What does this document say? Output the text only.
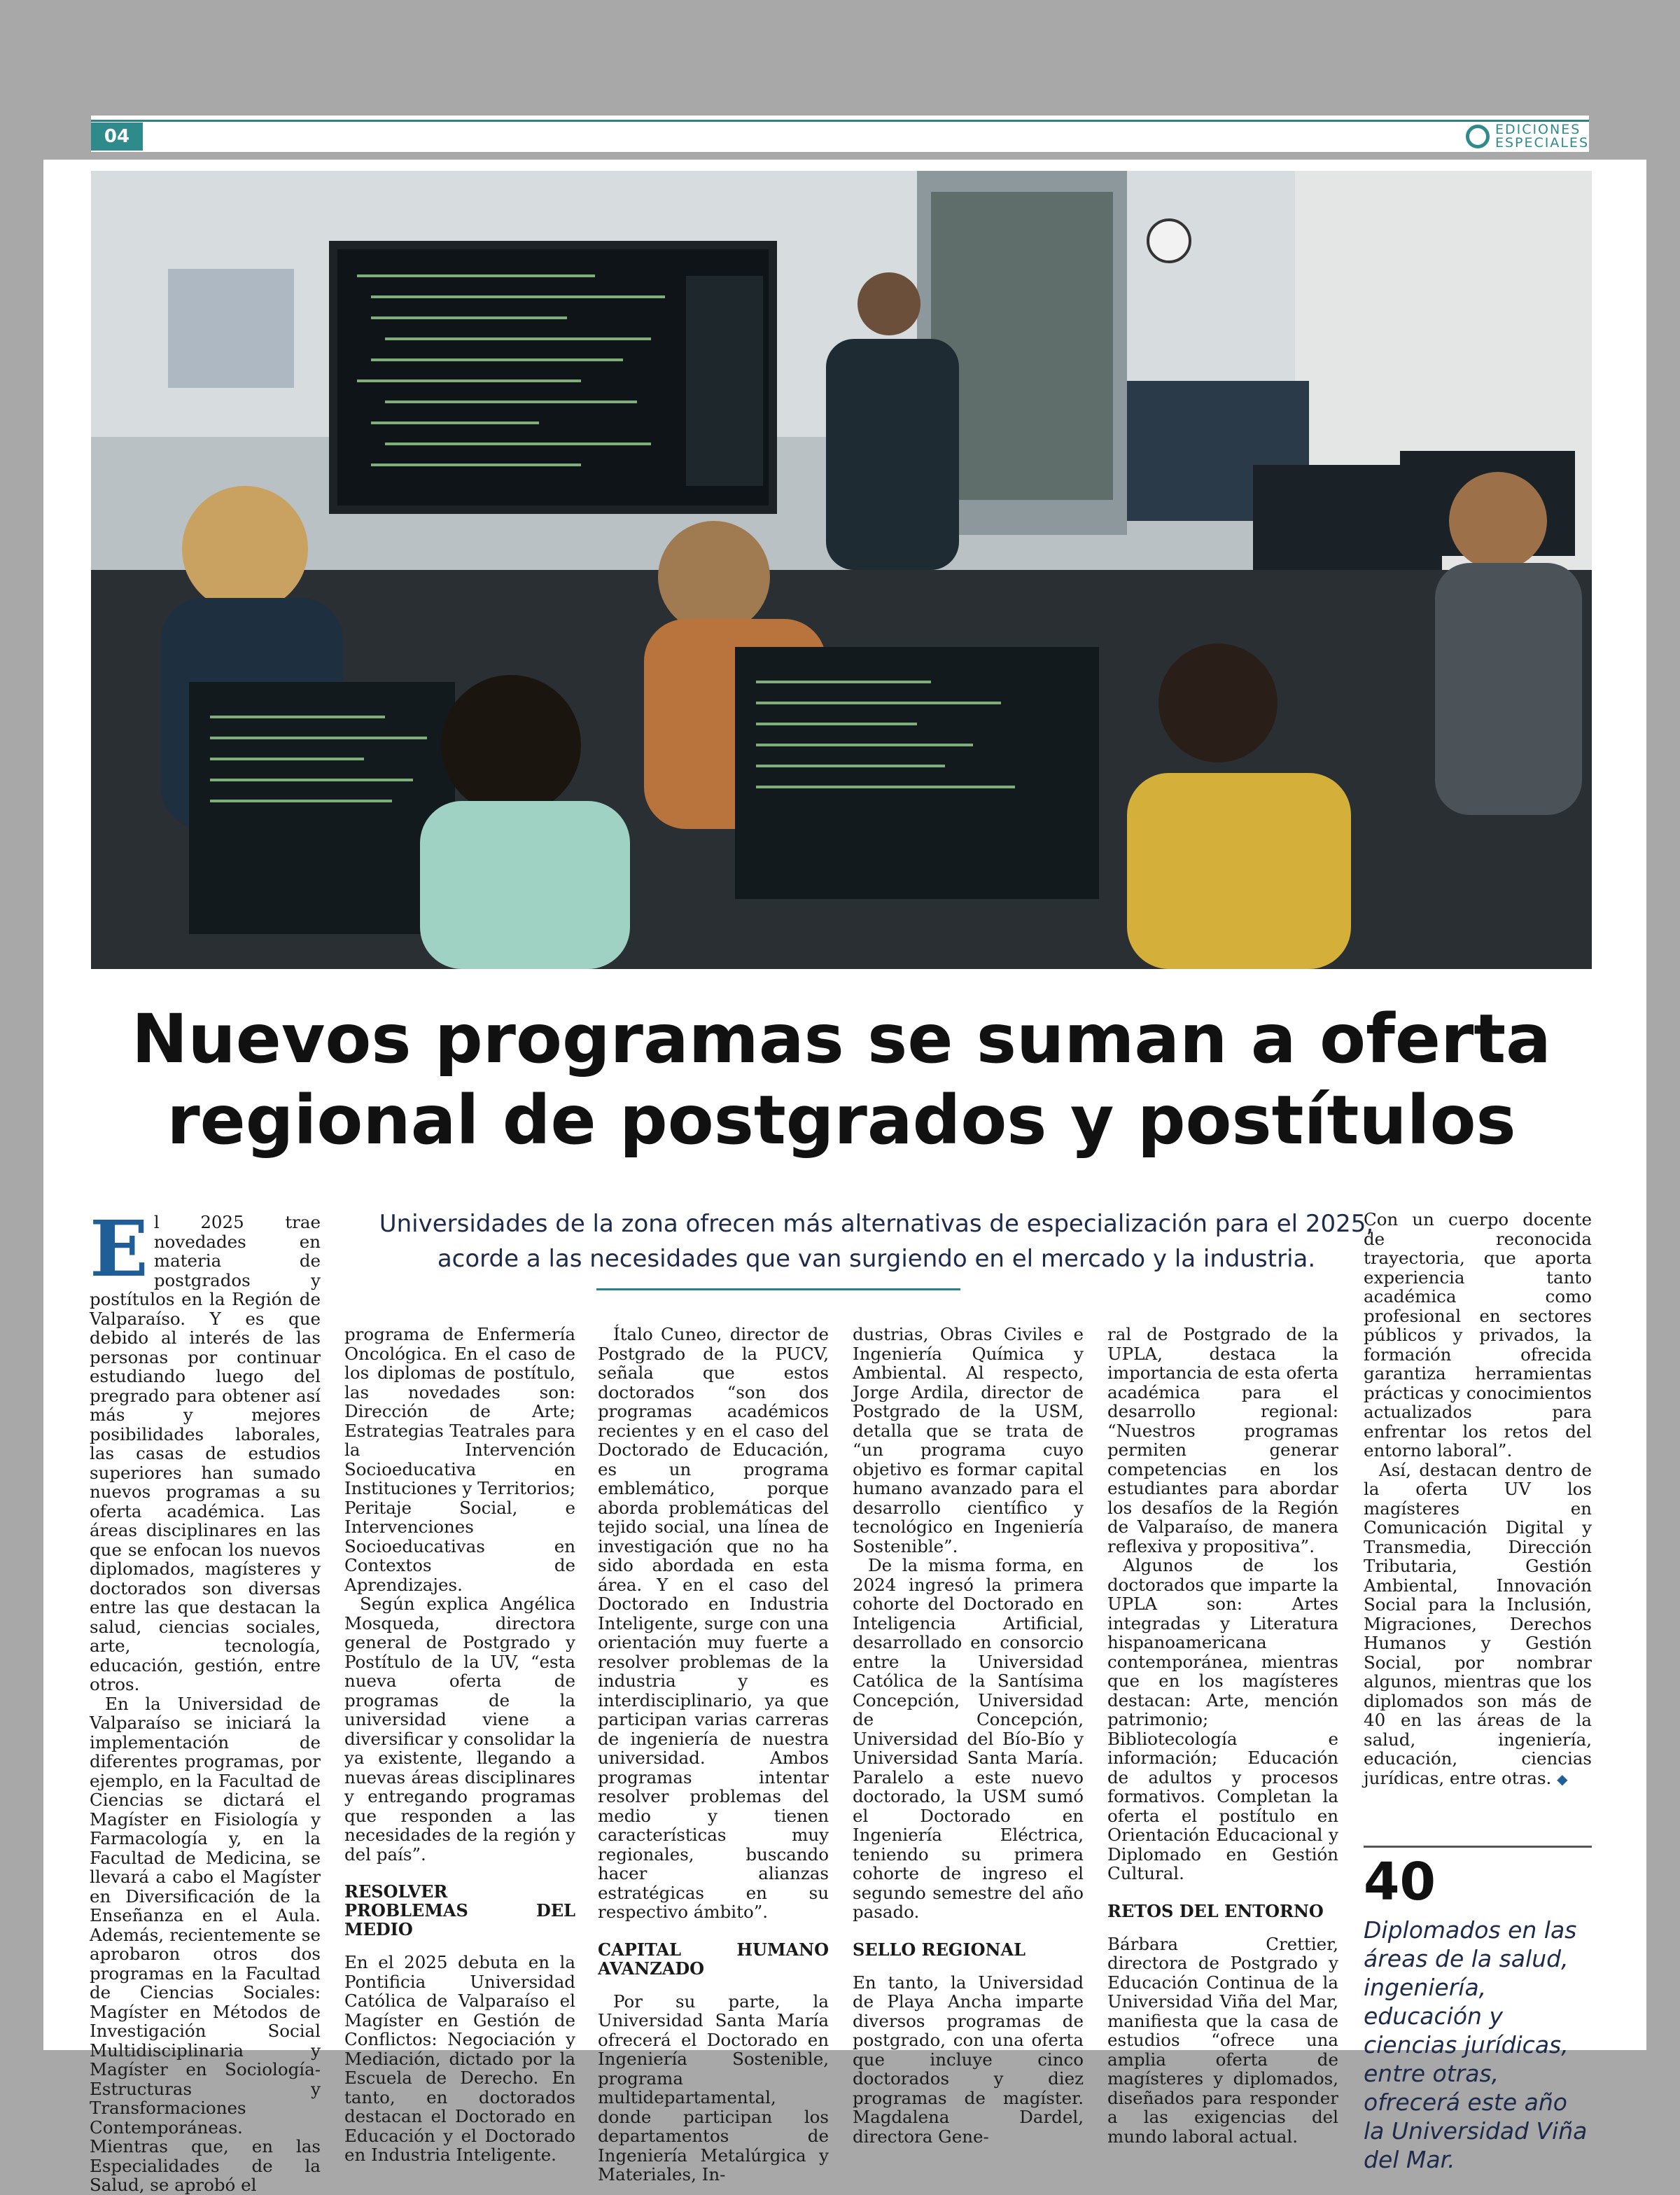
04	EDICIONES
ESPECIALES
Nuevos programas se suman a oferta
regional de postgrados y postítulos
Universidades de la zona ofrecen más alternativas de especialización para el 2025,
acorde a las necesidades que van surgiendo en el mercado y la industria.
E l 2025 trae novedades en materia de postgrados y postítulos en la Región de Valparaíso. Y es que debido al interés de las personas por continuar estudiando luego del pregrado para obtener así más y mejores posibilidades laborales, las casas de estudios superiores han sumado nuevos programas a su oferta académica. Las áreas disciplinares en las que se enfocan los nuevos diplomados, magísteres y doctorados son diversas entre las que destacan la salud, ciencias sociales, arte, tecnología, educación, gestión, entre otros.

En la Universidad de Valparaíso se iniciará la implementación de diferentes programas, por ejemplo, en la Facultad de Ciencias se dictará el Magíster en Fisiología y Farmacología y, en la Facultad de Medicina, se llevará a cabo el Magíster en Diversificación de la Enseñanza en el Aula. Además, recientemente se aprobaron otros dos programas en la Facultad de Ciencias Sociales: Magíster en Métodos de Investigación Social Multidisciplinaria y Magíster en Sociología-Estructuras y Transformaciones Contemporáneas. Mientras que, en las Especialidades de la Salud, se aprobó el

programa de Enfermería Oncológica. En el caso de los diplomas de postítulo, las novedades son: Dirección de Arte; Estrategias Teatrales para la Intervención Socioeducativa en Instituciones y Territorios; Peritaje Social, e Intervenciones Socioeducativas en Contextos de Aprendizajes.

Según explica Angélica Mosqueda, directora general de Postgrado y Postítulo de la UV, “esta nueva oferta de programas de la universidad viene a diversificar y consolidar la ya existente, llegando a nuevas áreas disciplinares y entregando programas que responden a las necesidades de la región y del país”.

RESOLVER PROBLEMAS DEL MEDIO

En el 2025 debuta en la Pontificia Universidad Católica de Valparaíso el Magíster en Gestión de Conflictos: Negociación y Mediación, dictado por la Escuela de Derecho. En tanto, en doctorados destacan el Doctorado en Educación y el Doctorado en Industria Inteligente.

Ítalo Cuneo, director de Postgrado de la PUCV, señala que estos doctorados “son dos programas académicos recientes y en el caso del Doctorado de Educación, es un programa emblemático, porque aborda problemáticas del tejido social, una línea de investigación que no ha sido abordada en esta área. Y en el caso del Doctorado en Industria Inteligente, surge con una orientación muy fuerte a resolver problemas de la industria y es interdisciplinario, ya que participan varias carreras de ingeniería de nuestra universidad. Ambos programas intentar resolver problemas del medio y tienen características muy regionales, buscando hacer alianzas estratégicas en su respectivo ámbito”.

CAPITAL HUMANO AVANZADO

Por su parte, la Universidad Santa María ofrecerá el Doctorado en Ingeniería Sostenible, programa multidepartamental, donde participan los departamentos de Ingeniería Metalúrgica y Materiales, In-

dustrias, Obras Civiles e Ingeniería Química y Ambiental. Al respecto, Jorge Ardila, director de Postgrado de la USM, detalla que se trata de “un programa cuyo objetivo es formar capital humano avanzado para el desarrollo científico y tecnológico en Ingeniería Sostenible”.

De la misma forma, en 2024 ingresó la primera cohorte del Doctorado en Inteligencia Artificial, desarrollado en consorcio entre la Universidad Católica de la Santísima Concepción, Universidad de Concepción, Universidad del Bío-Bío y Universidad Santa María. Paralelo a este nuevo doctorado, la USM sumó el Doctorado en Ingeniería Eléctrica, teniendo su primera cohorte de ingreso el segundo semestre del año pasado.

SELLO REGIONAL

En tanto, la Universidad de Playa Ancha imparte diversos programas de postgrado, con una oferta que incluye cinco doctorados y diez programas de magíster. Magdalena Dardel, directora Gene-

ral de Postgrado de la UPLA, destaca la importancia de esta oferta académica para el desarrollo regional: “Nuestros programas permiten generar competencias en los estudiantes para abordar los desafíos de la Región de Valparaíso, de manera reflexiva y propositiva”.

Algunos de los doctorados que imparte la UPLA son: Artes integradas y Literatura hispanoamericana contemporánea, mientras que en los magísteres destacan: Arte, mención patrimonio; Bibliotecología e información; Educación de adultos y procesos formativos. Completan la oferta el postítulo en Orientación Educacional y Diplomado en Gestión Cultural.

RETOS DEL ENTORNO

Bárbara Crettier, directora de Postgrado y Educación Continua de la Universidad Viña del Mar, manifiesta que la casa de estudios “ofrece una amplia oferta de magísteres y diplomados, diseñados para responder a las exigencias del mundo laboral actual.

Con un cuerpo docente de reconocida trayectoria, que aporta experiencia tanto académica como profesional en sectores públicos y privados, la formación ofrecida garantiza herramientas prácticas y conocimientos actualizados para enfrentar los retos del entorno laboral”.

Así, destacan dentro de la oferta UV los magísteres en Comunicación Digital y Transmedia, Dirección Tributaria, Gestión Ambiental, Innovación Social para la Inclusión, Migraciones, Derechos Humanos y Gestión Social, por nombrar algunos, mientras que los diplomados son más de 40 en las áreas de la salud, ingeniería, educación, ciencias jurídicas, entre otras. ◆

40
Diplomados en las áreas de la salud, ingeniería, educación y ciencias jurídicas, entre otras, ofrecerá este año la Universidad Viña del Mar.
